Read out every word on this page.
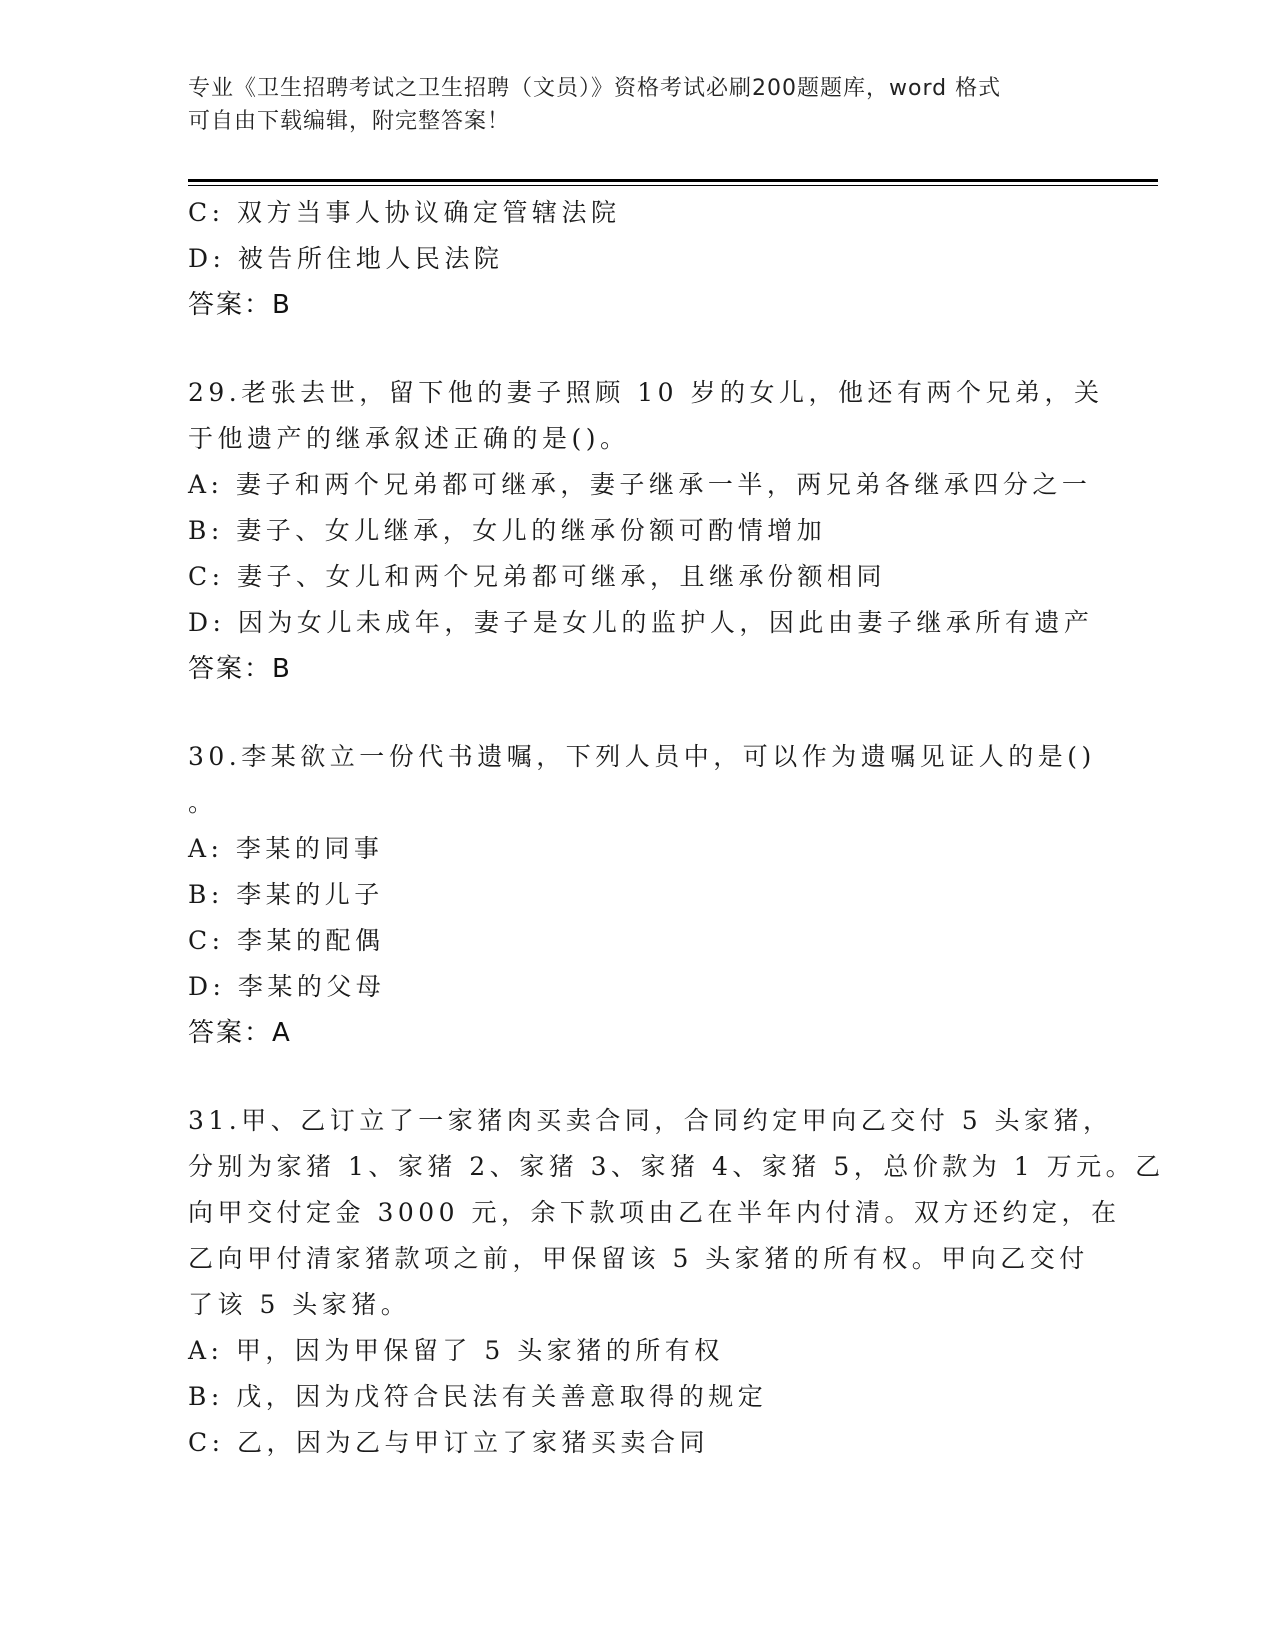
专业《卫生招聘考试之卫生招聘（文员）》资格考试必刷200题题库，word 格式
可自由下载编辑，附完整答案！
C: 双方当事人协议确定管辖法院
D: 被告所住地人民法院
答案：B
29.老张去世，留下他的妻子照顾 10 岁的女儿，他还有两个兄弟，关
于他遗产的继承叙述正确的是()。
A: 妻子和两个兄弟都可继承，妻子继承一半，两兄弟各继承四分之一
B: 妻子、女儿继承，女儿的继承份额可酌情增加
C: 妻子、女儿和两个兄弟都可继承，且继承份额相同
D: 因为女儿未成年，妻子是女儿的监护人，因此由妻子继承所有遗产
答案：B
30.李某欲立一份代书遗嘱，下列人员中，可以作为遗嘱见证人的是()
。
A: 李某的同事
B: 李某的儿子
C: 李某的配偶
D: 李某的父母
答案：A
31.甲、乙订立了一家猪肉买卖合同，合同约定甲向乙交付 5 头家猪，
分别为家猪 1、家猪 2、家猪 3、家猪 4、家猪 5，总价款为 1 万元。乙
向甲交付定金 3000 元，余下款项由乙在半年内付清。双方还约定，在
乙向甲付清家猪款项之前，甲保留该 5 头家猪的所有权。甲向乙交付
了该 5 头家猪。
A: 甲，因为甲保留了 5 头家猪的所有权
B: 戊，因为戊符合民法有关善意取得的规定
C: 乙，因为乙与甲订立了家猪买卖合同
